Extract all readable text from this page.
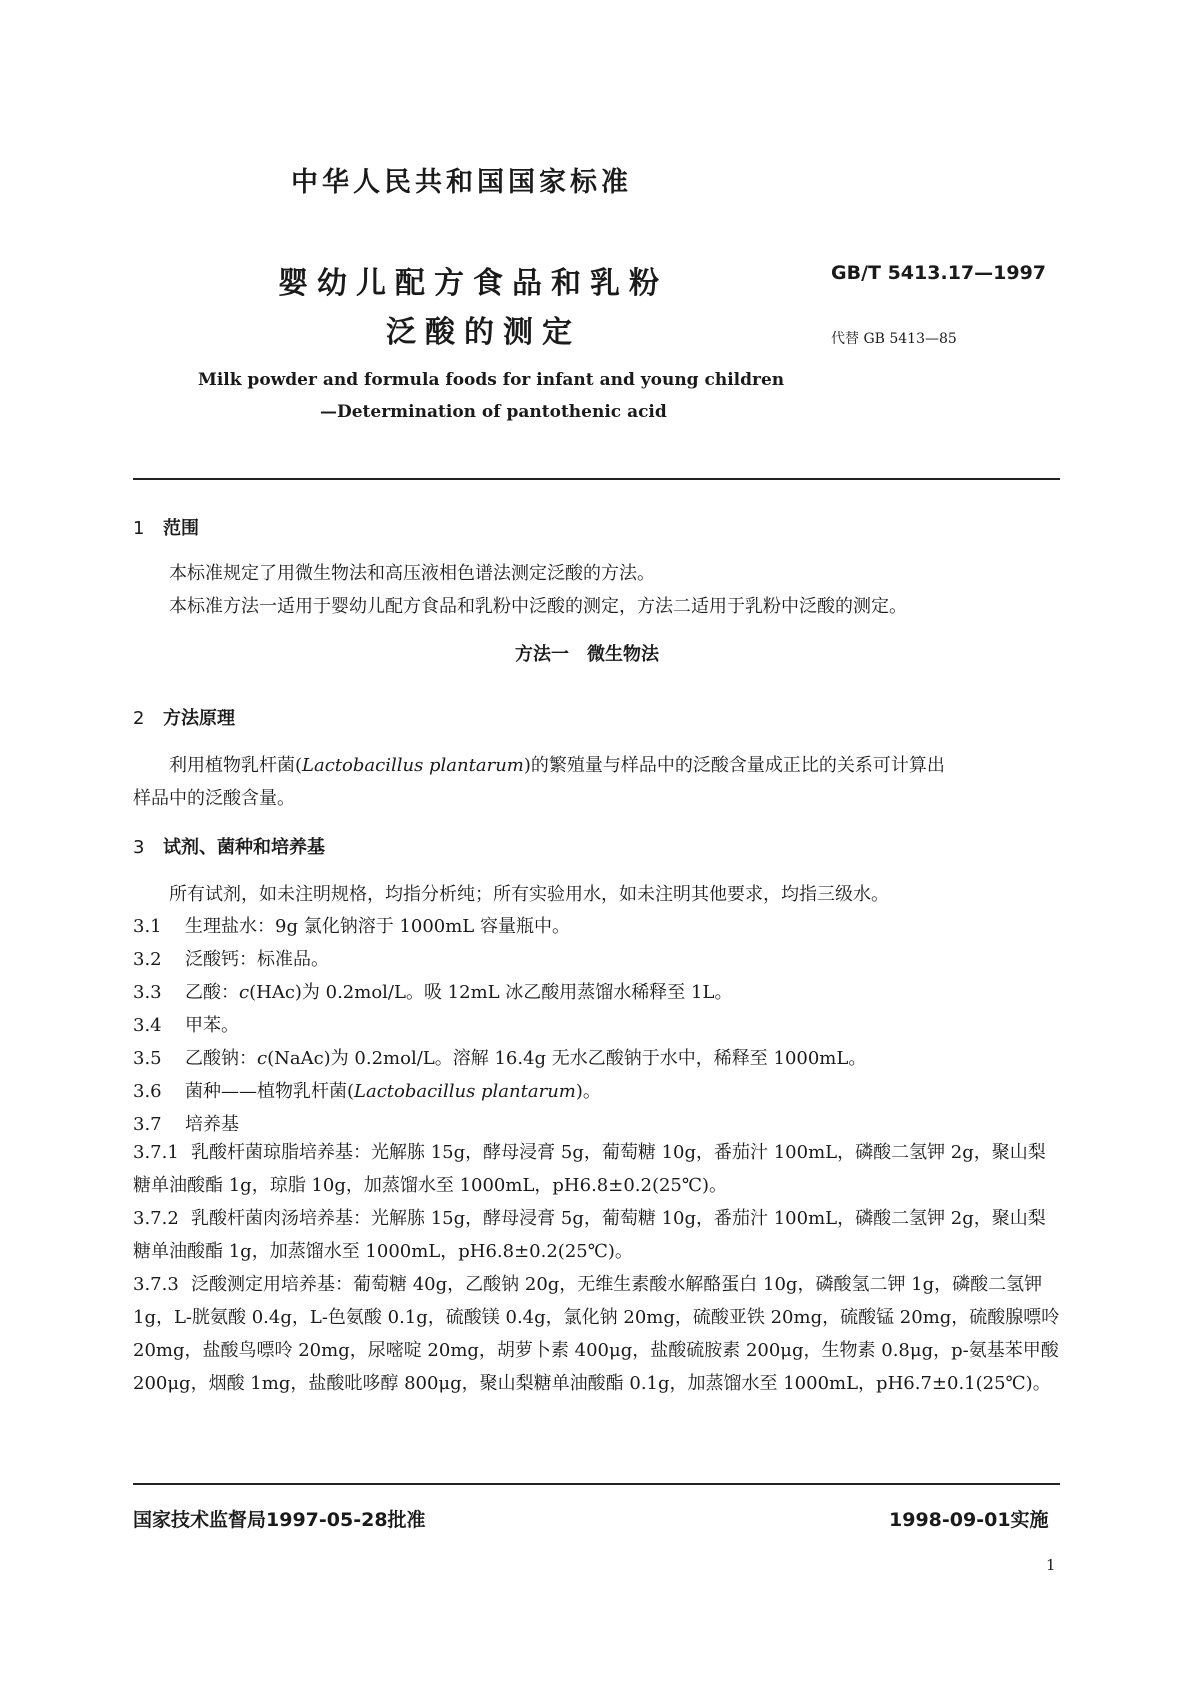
中华人民共和国国家标准
婴幼儿配方食品和乳粉
泛酸的测定
GB/T 5413.17—1997
代替 GB 5413—85
Milk powder and formula foods for infant and young children
—Determination of pantothenic acid
1 范围
本标准规定了用微生物法和高压液相色谱法测定泛酸的方法。
本标准方法一适用于婴幼儿配方食品和乳粉中泛酸的测定，方法二适用于乳粉中泛酸的测定。
方法一　微生物法
2 方法原理
利用植物乳杆菌(Lactobacillus plantarum)的繁殖量与样品中的泛酸含量成正比的关系可计算出
样品中的泛酸含量。
3 试剂、菌种和培养基
所有试剂，如未注明规格，均指分析纯；所有实验用水，如未注明其他要求，均指三级水。
3.1 生理盐水：9g 氯化钠溶于 1000mL 容量瓶中。
3.2 泛酸钙：标准品。
3.3 乙酸：c(HAc)为 0.2mol/L。吸 12mL 冰乙酸用蒸馏水稀释至 1L。
3.4 甲苯。
3.5 乙酸钠：c(NaAc)为 0.2mol/L。溶解 16.4g 无水乙酸钠于水中，稀释至 1000mL。
3.6 菌种——植物乳杆菌(Lactobacillus plantarum)。
3.7 培养基
3.7.1 乳酸杆菌琼脂培养基：光解胨 15g，酵母浸膏 5g，葡萄糖 10g，番茄汁 100mL，磷酸二氢钾 2g，聚山梨糖单油酸酯 1g，琼脂 10g，加蒸馏水至 1000mL，pH6.8±0.2(25℃)。
3.7.2 乳酸杆菌肉汤培养基：光解胨 15g，酵母浸膏 5g，葡萄糖 10g，番茄汁 100mL，磷酸二氢钾 2g，聚山梨糖单油酸酯 1g，加蒸馏水至 1000mL，pH6.8±0.2(25℃)。
3.7.3 泛酸测定用培养基：葡萄糖 40g，乙酸钠 20g，无维生素酸水解酪蛋白 10g，磷酸氢二钾 1g，磷酸二氢钾 1g，L-胱氨酸 0.4g，L-色氨酸 0.1g，硫酸镁 0.4g，氯化钠 20mg，硫酸亚铁 20mg，硫酸锰 20mg，硫酸腺嘌呤 20mg，盐酸鸟嘌呤 20mg，尿嘧啶 20mg，胡萝卜素 400μg，盐酸硫胺素 200μg，生物素 0.8μg，p-氨基苯甲酸 200μg，烟酸 1mg，盐酸吡哆醇 800μg，聚山梨糖单油酸酯 0.1g，加蒸馏水至 1000mL，pH6.7±0.1(25℃)。
国家技术监督局1997-05-28批准	1998-09-01实施
1
